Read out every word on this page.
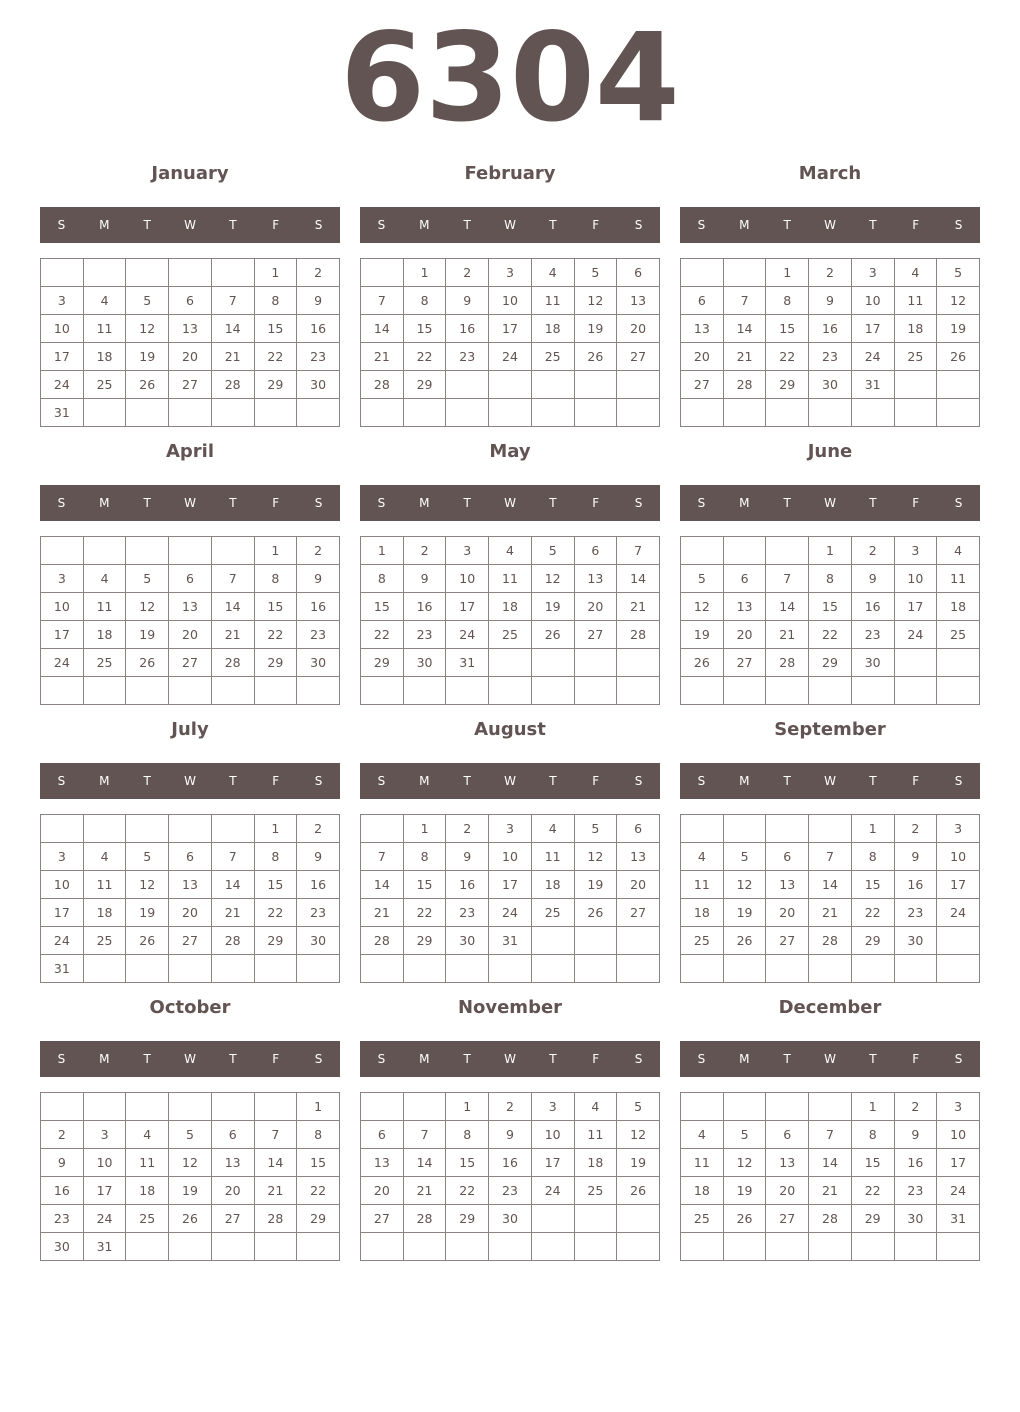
6304
January
S	M	T	W	T	F	S
					1	2
3	4	5	6	7	8	9
10	11	12	13	14	15	16
17	18	19	20	21	22	23
24	25	26	27	28	29	30
31						
February
S	M	T	W	T	F	S
	1	2	3	4	5	6
7	8	9	10	11	12	13
14	15	16	17	18	19	20
21	22	23	24	25	26	27
28	29					

March
S	M	T	W	T	F	S
		1	2	3	4	5
6	7	8	9	10	11	12
13	14	15	16	17	18	19
20	21	22	23	24	25	26
27	28	29	30	31		

April
S	M	T	W	T	F	S
					1	2
3	4	5	6	7	8	9
10	11	12	13	14	15	16
17	18	19	20	21	22	23
24	25	26	27	28	29	30

May
S	M	T	W	T	F	S
1	2	3	4	5	6	7
8	9	10	11	12	13	14
15	16	17	18	19	20	21
22	23	24	25	26	27	28
29	30	31				

June
S	M	T	W	T	F	S
			1	2	3	4
5	6	7	8	9	10	11
12	13	14	15	16	17	18
19	20	21	22	23	24	25
26	27	28	29	30		

July
S	M	T	W	T	F	S
					1	2
3	4	5	6	7	8	9
10	11	12	13	14	15	16
17	18	19	20	21	22	23
24	25	26	27	28	29	30
31						
August
S	M	T	W	T	F	S
	1	2	3	4	5	6
7	8	9	10	11	12	13
14	15	16	17	18	19	20
21	22	23	24	25	26	27
28	29	30	31			

September
S	M	T	W	T	F	S
				1	2	3
4	5	6	7	8	9	10
11	12	13	14	15	16	17
18	19	20	21	22	23	24
25	26	27	28	29	30	

October
S	M	T	W	T	F	S
						1
2	3	4	5	6	7	8
9	10	11	12	13	14	15
16	17	18	19	20	21	22
23	24	25	26	27	28	29
30	31					
November
S	M	T	W	T	F	S
		1	2	3	4	5
6	7	8	9	10	11	12
13	14	15	16	17	18	19
20	21	22	23	24	25	26
27	28	29	30			

December
S	M	T	W	T	F	S
				1	2	3
4	5	6	7	8	9	10
11	12	13	14	15	16	17
18	19	20	21	22	23	24
25	26	27	28	29	30	31
